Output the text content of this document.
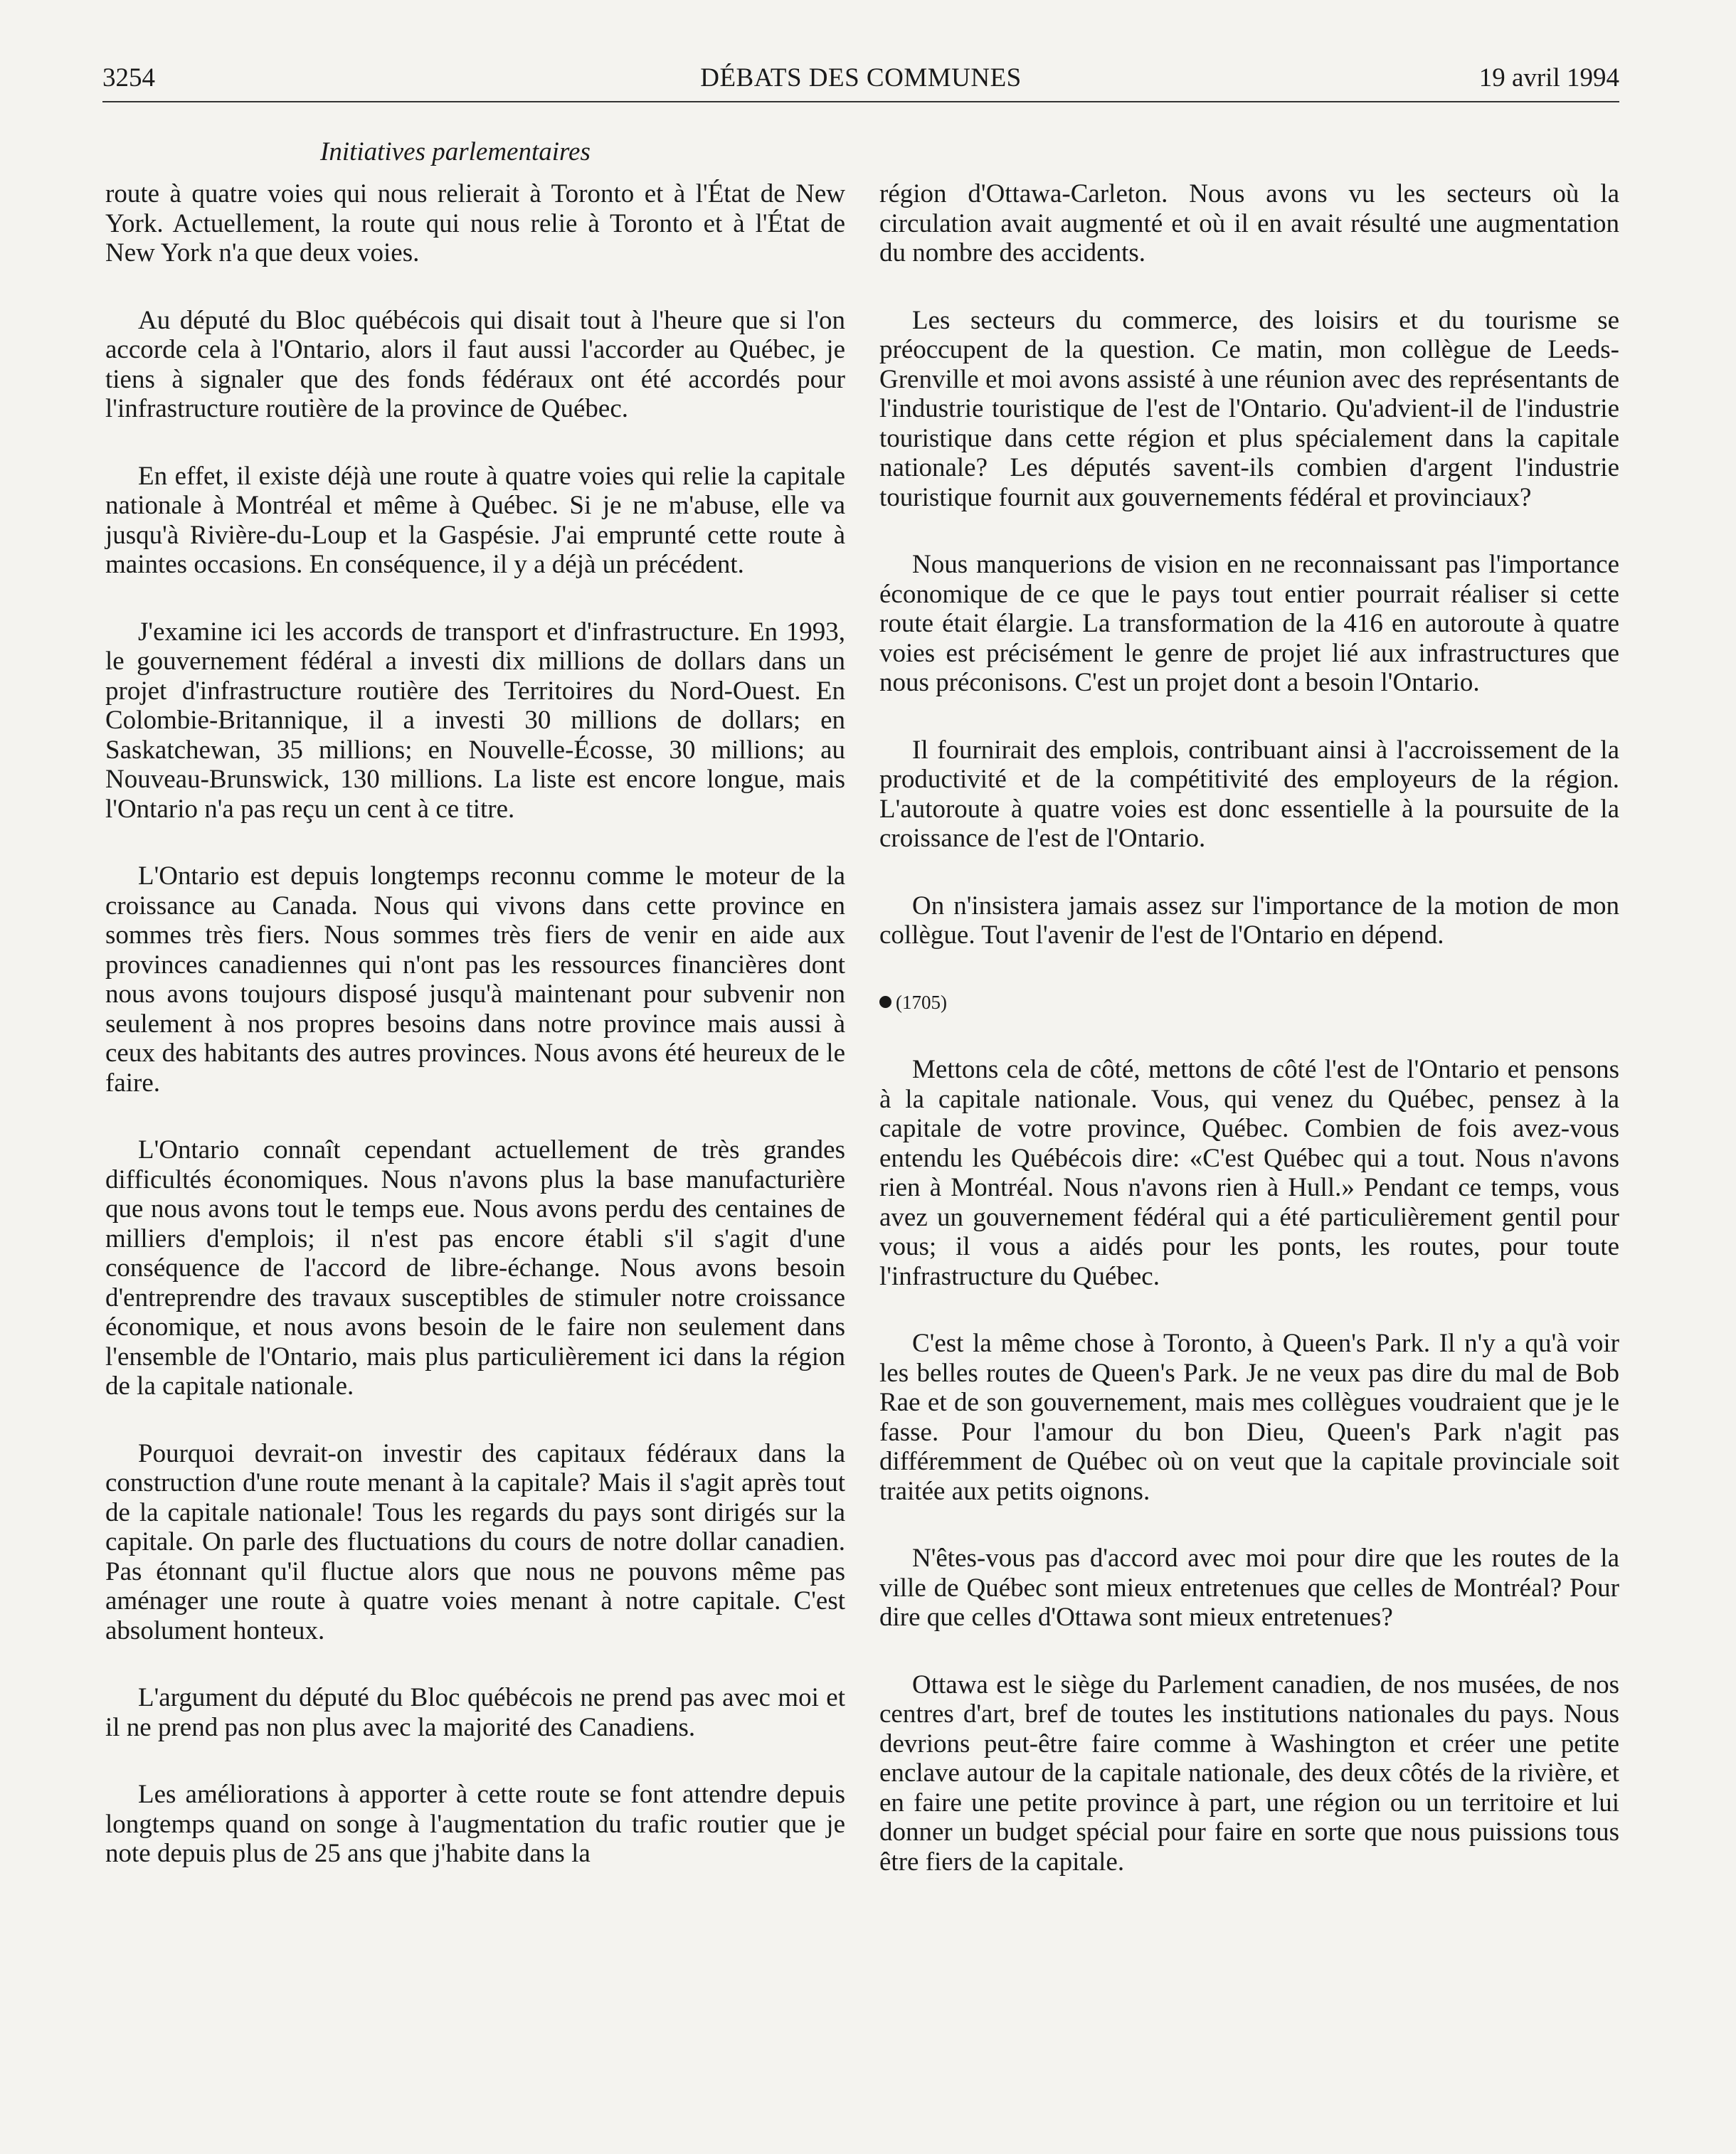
3254	DÉBATS DES COMMUNES	19 avril 1994
Initiatives parlementaires

route à quatre voies qui nous relierait à Toronto et à l'État de New York. Actuellement, la route qui nous relie à Toronto et à l'État de New York n'a que deux voies.

Au député du Bloc québécois qui disait tout à l'heure que si l'on accorde cela à l'Ontario, alors il faut aussi l'accorder au Québec, je tiens à signaler que des fonds fédéraux ont été accordés pour l'infrastructure routière de la province de Québec.

En effet, il existe déjà une route à quatre voies qui relie la capitale nationale à Montréal et même à Québec. Si je ne m'abuse, elle va jusqu'à Rivière-du-Loup et la Gaspésie. J'ai emprunté cette route à maintes occasions. En conséquence, il y a déjà un précédent.

J'examine ici les accords de transport et d'infrastructure. En 1993, le gouvernement fédéral a investi dix millions de dollars dans un projet d'infrastructure routière des Territoires du Nord-Ouest. En Colombie-Britannique, il a investi 30 millions de dollars; en Saskatchewan, 35 millions; en Nouvelle-Écosse, 30 millions; au Nouveau-Brunswick, 130 millions. La liste est encore longue, mais l'Ontario n'a pas reçu un cent à ce titre.

L'Ontario est depuis longtemps reconnu comme le moteur de la croissance au Canada. Nous qui vivons dans cette province en sommes très fiers. Nous sommes très fiers de venir en aide aux provinces canadiennes qui n'ont pas les ressources financières dont nous avons toujours disposé jusqu'à maintenant pour subvenir non seulement à nos propres besoins dans notre province mais aussi à ceux des habitants des autres provinces. Nous avons été heureux de le faire.

L'Ontario connaît cependant actuellement de très grandes difficultés économiques. Nous n'avons plus la base manufacturière que nous avons tout le temps eue. Nous avons perdu des centaines de milliers d'emplois; il n'est pas encore établi s'il s'agit d'une conséquence de l'accord de libre-échange. Nous avons besoin d'entreprendre des travaux susceptibles de stimuler notre croissance économique, et nous avons besoin de le faire non seulement dans l'ensemble de l'Ontario, mais plus particulièrement ici dans la région de la capitale nationale.

Pourquoi devrait-on investir des capitaux fédéraux dans la construction d'une route menant à la capitale? Mais il s'agit après tout de la capitale nationale! Tous les regards du pays sont dirigés sur la capitale. On parle des fluctuations du cours de notre dollar canadien. Pas étonnant qu'il fluctue alors que nous ne pouvons même pas aménager une route à quatre voies menant à notre capitale. C'est absolument honteux.

L'argument du député du Bloc québécois ne prend pas avec moi et il ne prend pas non plus avec la majorité des Canadiens.

Les améliorations à apporter à cette route se font attendre depuis longtemps quand on songe à l'augmentation du trafic routier que je note depuis plus de 25 ans que j'habite dans la

région d'Ottawa-Carleton. Nous avons vu les secteurs où la circulation avait augmenté et où il en avait résulté une augmentation du nombre des accidents.

Les secteurs du commerce, des loisirs et du tourisme se préoccupent de la question. Ce matin, mon collègue de Leeds-Grenville et moi avons assisté à une réunion avec des représentants de l'industrie touristique de l'est de l'Ontario. Qu'advient-il de l'industrie touristique dans cette région et plus spécialement dans la capitale nationale? Les députés savent-ils combien d'argent l'industrie touristique fournit aux gouvernements fédéral et provinciaux?

Nous manquerions de vision en ne reconnaissant pas l'importance économique de ce que le pays tout entier pourrait réaliser si cette route était élargie. La transformation de la 416 en autoroute à quatre voies est précisément le genre de projet lié aux infrastructures que nous préconisons. C'est un projet dont a besoin l'Ontario.

Il fournirait des emplois, contribuant ainsi à l'accroissement de la productivité et de la compétitivité des employeurs de la région. L'autoroute à quatre voies est donc essentielle à la poursuite de la croissance de l'est de l'Ontario.

On n'insistera jamais assez sur l'importance de la motion de mon collègue. Tout l'avenir de l'est de l'Ontario en dépend.

(1705)

Mettons cela de côté, mettons de côté l'est de l'Ontario et pensons à la capitale nationale. Vous, qui venez du Québec, pensez à la capitale de votre province, Québec. Combien de fois avez-vous entendu les Québécois dire: «C'est Québec qui a tout. Nous n'avons rien à Montréal. Nous n'avons rien à Hull.» Pendant ce temps, vous avez un gouvernement fédéral qui a été particulièrement gentil pour vous; il vous a aidés pour les ponts, les routes, pour toute l'infrastructure du Québec.

C'est la même chose à Toronto, à Queen's Park. Il n'y a qu'à voir les belles routes de Queen's Park. Je ne veux pas dire du mal de Bob Rae et de son gouvernement, mais mes collègues voudraient que je le fasse. Pour l'amour du bon Dieu, Queen's Park n'agit pas différemment de Québec où on veut que la capitale provinciale soit traitée aux petits oignons.

N'êtes-vous pas d'accord avec moi pour dire que les routes de la ville de Québec sont mieux entretenues que celles de Montréal? Pour dire que celles d'Ottawa sont mieux entretenues?

Ottawa est le siège du Parlement canadien, de nos musées, de nos centres d'art, bref de toutes les institutions nationales du pays. Nous devrions peut-être faire comme à Washington et créer une petite enclave autour de la capitale nationale, des deux côtés de la rivière, et en faire une petite province à part, une région ou un territoire et lui donner un budget spécial pour faire en sorte que nous puissions tous être fiers de la capitale.
